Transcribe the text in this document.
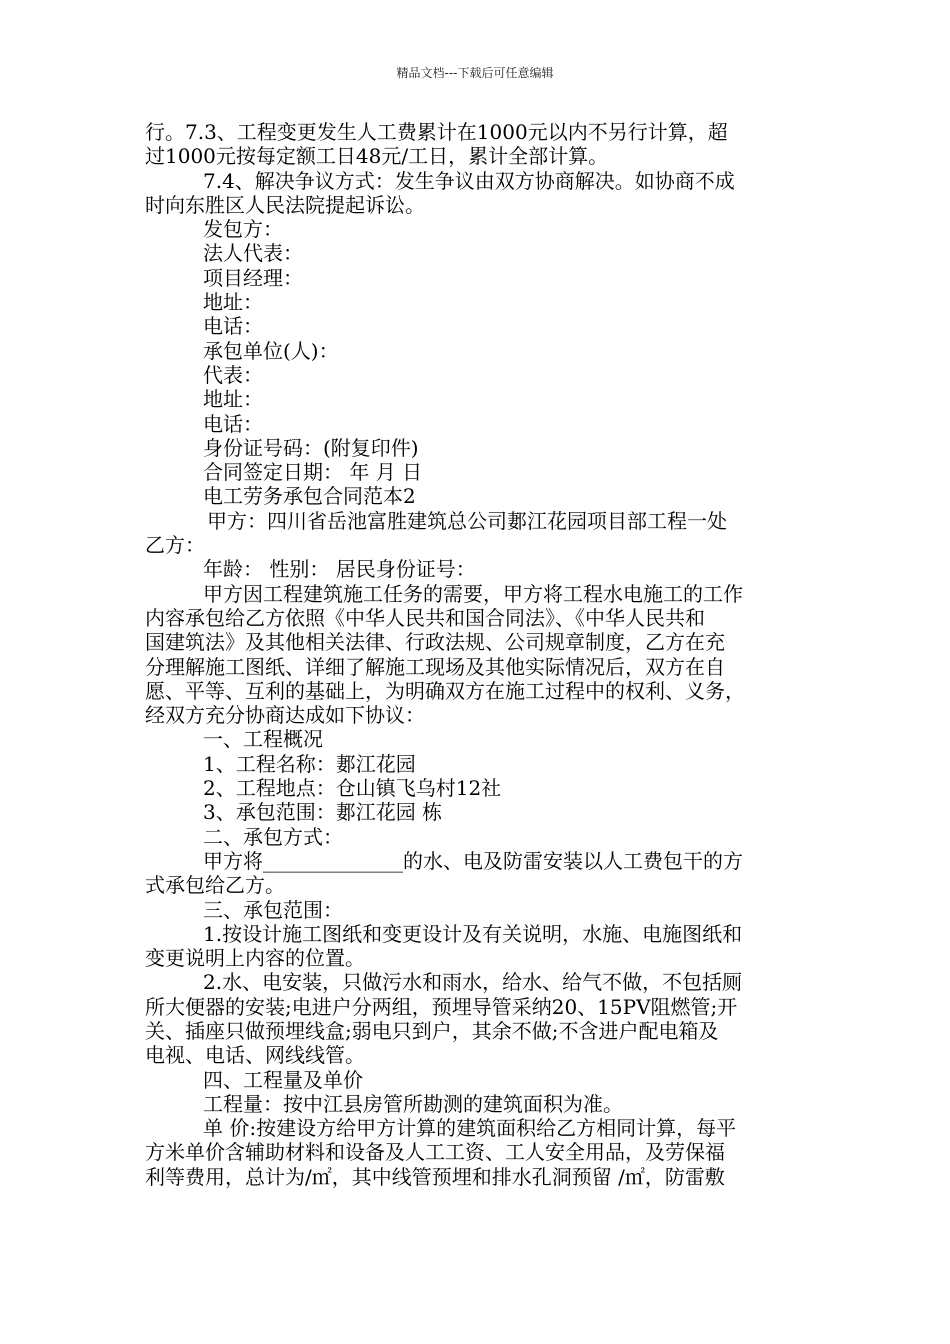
精品文档---下载后可任意编辑
行。7.3、工程变更发生人工费累计在1000元以内不另行计算，超
过1000元按每定额工日48元/工日，累计全部计算。
7.4、解决争议方式：发生争议由双方协商解决。如协商不成
时向东胜区人民法院提起诉讼。
发包方：
法人代表：
项目经理：
地址：
电话：
承包单位(人)：
代表：
地址：
电话：
身份证号码：(附复印件)
合同签定日期： 年 月 日
电工劳务承包合同范本2
甲方：四川省岳池富胜建筑总公司郪江花园项目部工程一处
乙方：
年龄： 性别： 居民身份证号：
甲方因工程建筑施工任务的需要，甲方将工程水电施工的工作
内容承包给乙方依照《中华人民共和国合同法》、《中华人民共和
国建筑法》及其他相关法律、行政法规、公司规章制度，乙方在充
分理解施工图纸、详细了解施工现场及其他实际情况后，双方在自
愿、平等、互利的基础上，为明确双方在施工过程中的权利、义务，
经双方充分协商达成如下协议：
一、工程概况
1、工程名称：郪江花园
2、工程地点：仓山镇飞乌村12社
3、承包范围：郪江花园 栋
二、承包方式：
甲方将______________的水、电及防雷安装以人工费包干的方
式承包给乙方。
三、承包范围：
1.按设计施工图纸和变更设计及有关说明，水施、电施图纸和
变更说明上内容的位置。
2.水、电安装，只做污水和雨水，给水、给气不做，不包括厕
所大便器的安装;电进户分两组，预埋导管采纳20、15PV阻燃管;开
关、插座只做预埋线盒;弱电只到户，其余不做;不含进户配电箱及
电视、电话、网线线管。
四、工程量及单价
工程量：按中江县房管所勘测的建筑面积为准。
单 价:按建设方给甲方计算的建筑面积给乙方相同计算，每平
方米单价含辅助材料和设备及人工工资、工人安全用品，及劳保福
利等费用，总计为/㎡，其中线管预埋和排水孔洞预留 /㎡，防雷敷
